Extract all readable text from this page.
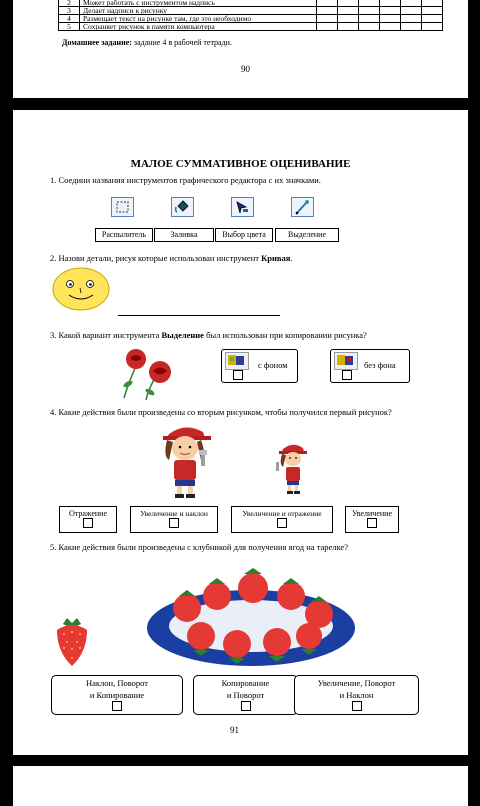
2	Может работать с инструментом надпись						
3	Делает надписи к рисунку						
4	Размещает текст на рисунке там, где это необходимо						
5	Сохраняет рисунок в памяти компьютера						
Домашнее задание: задание 4 в рабочей тетради.
90
МАЛОЕ СУММАТИВНОЕ ОЦЕНИВАНИЕ
1. Соедини названия инструментов графического редактора с их значками.
Распылитель	Заливка	Выбор цвета	Выделение
2. Назови детали, рисуя которые использован инструмент Кривая.
3. Какой вариант инструмента Выделение был использован при копировании рисунка?
с фоном	без фона
4. Какие действия были произведены со вторым рисунком, чтобы получился первый рисунок?
Отражение	Увеличение и наклон	Увеличение и отражение	Увеличение
5. Какие действия были произведены с клубникой для получения ягод на тарелке?
Наклон, Поворот
и Копирование
Копирование
и Поворот
Увеличение, Поворот
и Наклон
91
